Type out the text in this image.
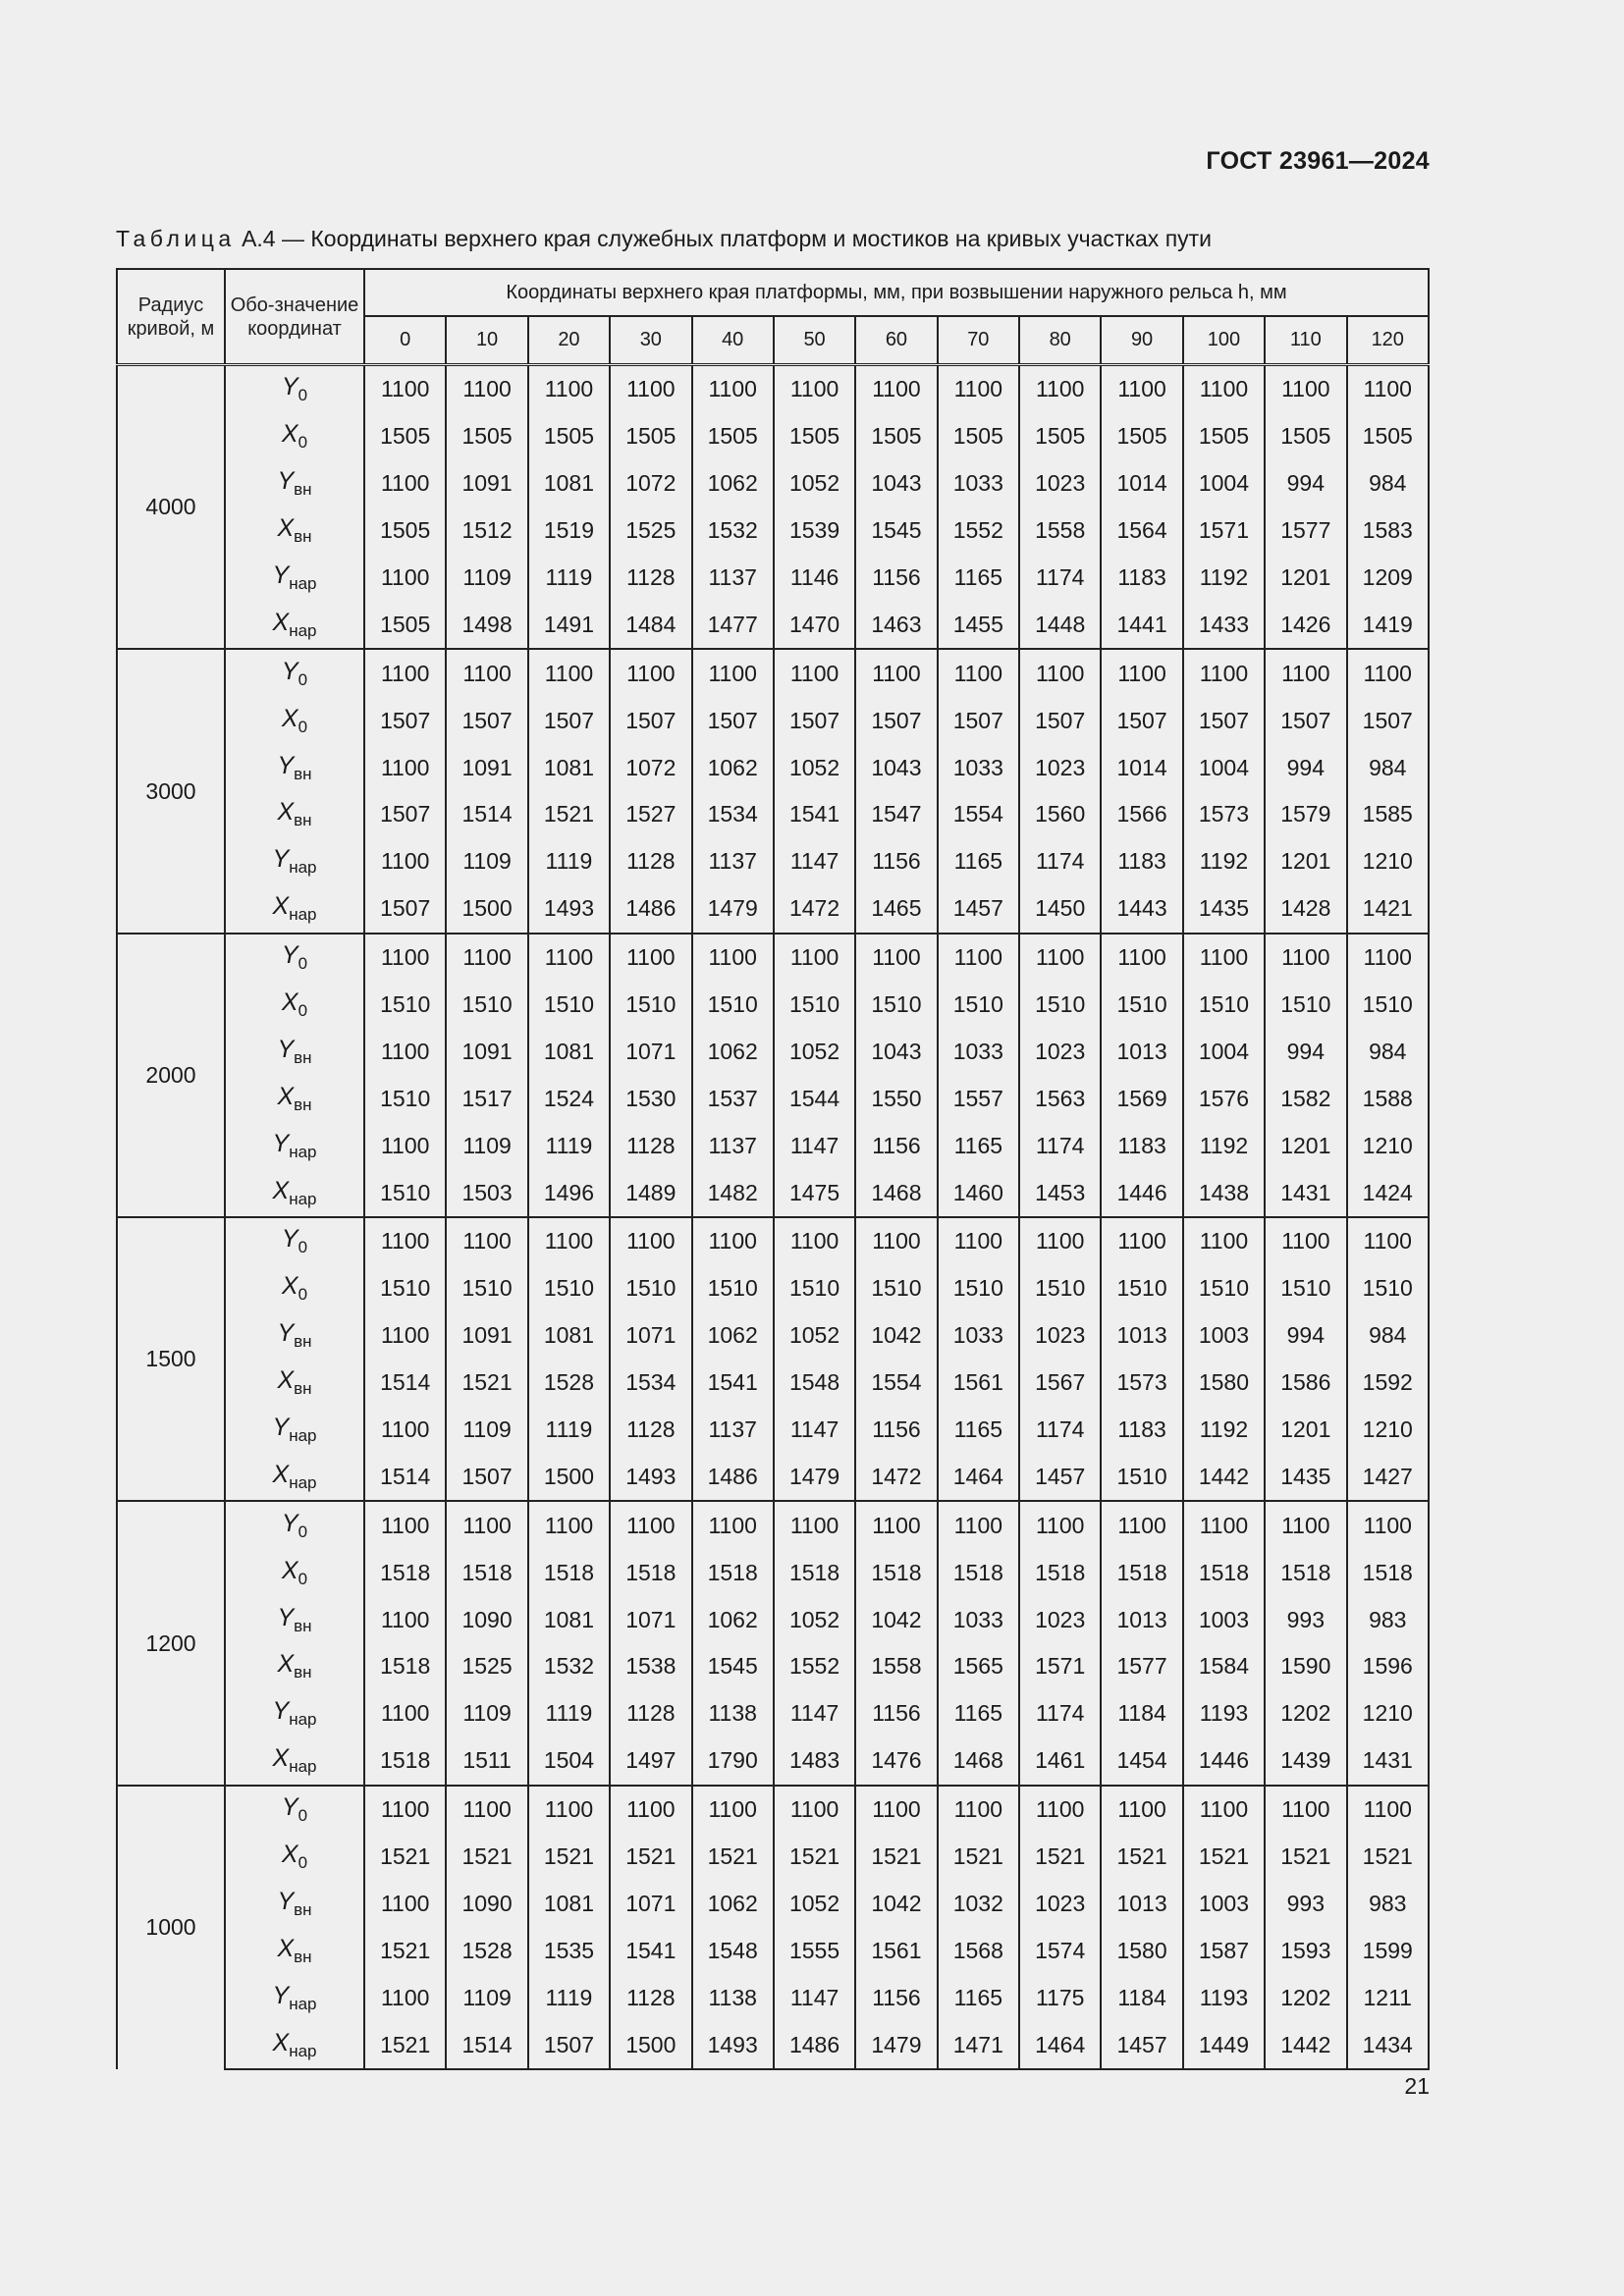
ГОСТ 23961—2024
Таблица А.4 — Координаты верхнего края служебных платформ и мостиков на кривых участках пути
Радиус кривой, м	Обо-значение координат	Координаты верхнего края платформы, мм, при возвышении наружного рельса h, мм												
		0	10	20	30	40	50	60	70	80	90	100	110	120
4000	$Y_0$	1100	1100	1100	1100	1100	1100	1100	1100	1100	1100	1100	1100	1100
	$X_0$	1505	1505	1505	1505	1505	1505	1505	1505	1505	1505	1505	1505	1505
	$Y_{вн}$	1100	1091	1081	1072	1062	1052	1043	1033	1023	1014	1004	994	984
	$X_{вн}$	1505	1512	1519	1525	1532	1539	1545	1552	1558	1564	1571	1577	1583
	$Y_{нар}$	1100	1109	1119	1128	1137	1146	1156	1165	1174	1183	1192	1201	1209
	$X_{нар}$	1505	1498	1491	1484	1477	1470	1463	1455	1448	1441	1433	1426	1419
3000	$Y_0$	1100	1100	1100	1100	1100	1100	1100	1100	1100	1100	1100	1100	1100
	$X_0$	1507	1507	1507	1507	1507	1507	1507	1507	1507	1507	1507	1507	1507
	$Y_{вн}$	1100	1091	1081	1072	1062	1052	1043	1033	1023	1014	1004	994	984
	$X_{вн}$	1507	1514	1521	1527	1534	1541	1547	1554	1560	1566	1573	1579	1585
	$Y_{нар}$	1100	1109	1119	1128	1137	1147	1156	1165	1174	1183	1192	1201	1210
	$X_{нар}$	1507	1500	1493	1486	1479	1472	1465	1457	1450	1443	1435	1428	1421
2000	$Y_0$	1100	1100	1100	1100	1100	1100	1100	1100	1100	1100	1100	1100	1100
	$X_0$	1510	1510	1510	1510	1510	1510	1510	1510	1510	1510	1510	1510	1510
	$Y_{вн}$	1100	1091	1081	1071	1062	1052	1043	1033	1023	1013	1004	994	984
	$X_{вн}$	1510	1517	1524	1530	1537	1544	1550	1557	1563	1569	1576	1582	1588
	$Y_{нар}$	1100	1109	1119	1128	1137	1147	1156	1165	1174	1183	1192	1201	1210
	$X_{нар}$	1510	1503	1496	1489	1482	1475	1468	1460	1453	1446	1438	1431	1424
1500	$Y_0$	1100	1100	1100	1100	1100	1100	1100	1100	1100	1100	1100	1100	1100
	$X_0$	1510	1510	1510	1510	1510	1510	1510	1510	1510	1510	1510	1510	1510
	$Y_{вн}$	1100	1091	1081	1071	1062	1052	1042	1033	1023	1013	1003	994	984
	$X_{вн}$	1514	1521	1528	1534	1541	1548	1554	1561	1567	1573	1580	1586	1592
	$Y_{нар}$	1100	1109	1119	1128	1137	1147	1156	1165	1174	1183	1192	1201	1210
	$X_{нар}$	1514	1507	1500	1493	1486	1479	1472	1464	1457	1510	1442	1435	1427
1200	$Y_0$	1100	1100	1100	1100	1100	1100	1100	1100	1100	1100	1100	1100	1100
	$X_0$	1518	1518	1518	1518	1518	1518	1518	1518	1518	1518	1518	1518	1518
	$Y_{вн}$	1100	1090	1081	1071	1062	1052	1042	1033	1023	1013	1003	993	983
	$X_{вн}$	1518	1525	1532	1538	1545	1552	1558	1565	1571	1577	1584	1590	1596
	$Y_{нар}$	1100	1109	1119	1128	1138	1147	1156	1165	1174	1184	1193	1202	1210
	$X_{нар}$	1518	1511	1504	1497	1790	1483	1476	1468	1461	1454	1446	1439	1431
1000	$Y_0$	1100	1100	1100	1100	1100	1100	1100	1100	1100	1100	1100	1100	1100
	$X_0$	1521	1521	1521	1521	1521	1521	1521	1521	1521	1521	1521	1521	1521
	$Y_{вн}$	1100	1090	1081	1071	1062	1052	1042	1032	1023	1013	1003	993	983
	$X_{вн}$	1521	1528	1535	1541	1548	1555	1561	1568	1574	1580	1587	1593	1599
	$Y_{нар}$	1100	1109	1119	1128	1138	1147	1156	1165	1175	1184	1193	1202	1211
	$X_{нар}$	1521	1514	1507	1500	1493	1486	1479	1471	1464	1457	1449	1442	1434
21
